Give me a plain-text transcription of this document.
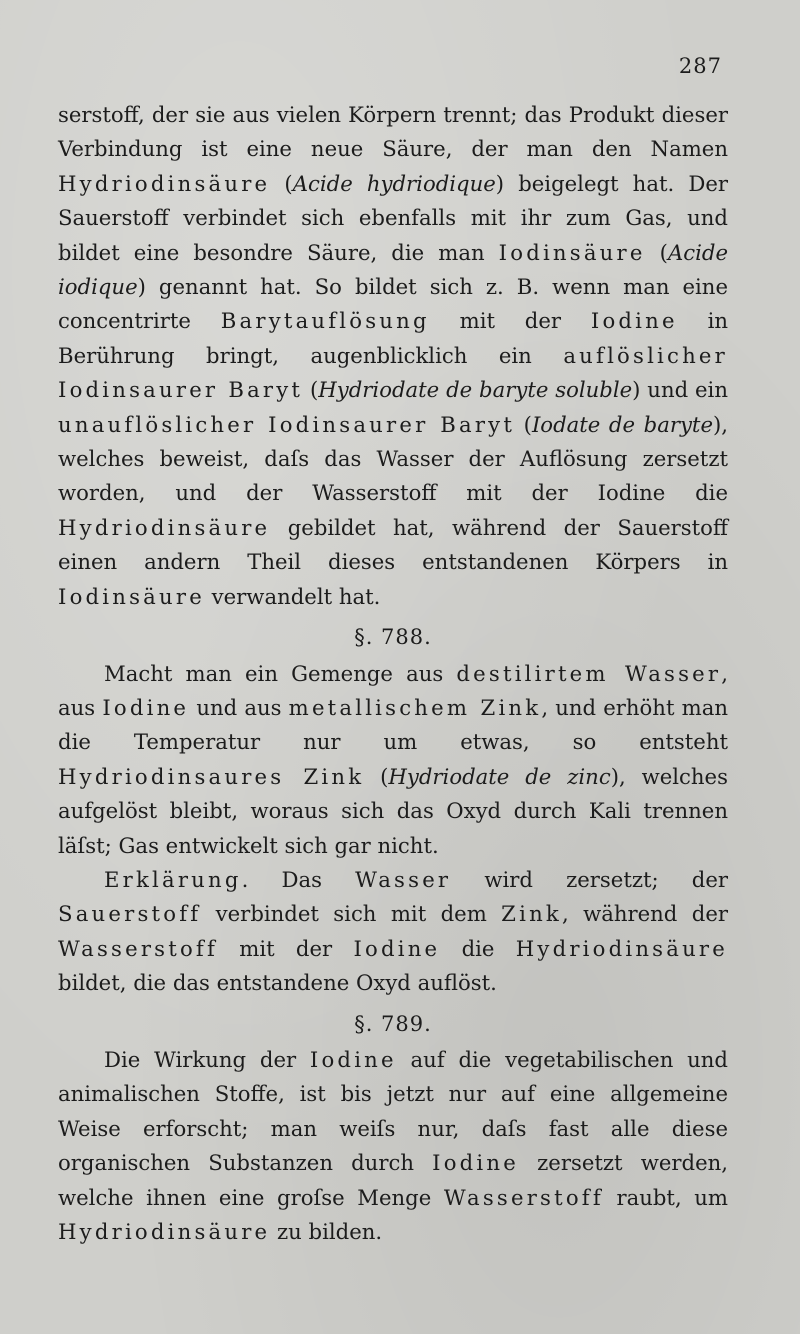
287

serstoff, der sie aus vielen Körpern trennt; das Produkt dieser Verbindung ist eine neue Säure, der man den Namen Hydriodinsäure (Acide hydriodique) beigelegt hat. Der Sauerstoff verbindet sich ebenfalls mit ihr zum Gas, und bildet eine besondre Säure, die man Iodinsäure (Acide iodique) genannt hat. So bildet sich z. B. wenn man eine concentrirte Barytauflösung mit der Iodine in Berührung bringt, augenblicklich ein auflöslicher Iodinsaurer Baryt (Hydriodate de baryte soluble) und ein unauflöslicher Iodinsaurer Baryt (Iodate de baryte), welches beweist, daſs das Wasser der Auflösung zersetzt worden, und der Wasserstoff mit der Iodine die Hydriodinsäure gebildet hat, während der Sauerstoff einen andern Theil dieses entstandenen Körpers in Iodinsäure verwandelt hat.

§. 788.

Macht man ein Gemenge aus destilirtem Wasser, aus Iodine und aus metallischem Zink, und erhöht man die Temperatur nur um etwas, so entsteht Hydriodinsaures Zink (Hydriodate de zinc), welches aufgelöst bleibt, woraus sich das Oxyd durch Kali trennen läſst; Gas entwickelt sich gar nicht.

Erklärung. Das Wasser wird zersetzt; der Sauerstoff verbindet sich mit dem Zink, während der Wasserstoff mit der Iodine die Hydriodinsäure bildet, die das entstandene Oxyd auflöst.

§. 789.

Die Wirkung der Iodine auf die vegetabilischen und animalischen Stoffe, ist bis jetzt nur auf eine allgemeine Weise erforscht; man weiſs nur, daſs fast alle diese organischen Substanzen durch Iodine zersetzt werden, welche ihnen eine groſse Menge Wasserstoff raubt, um Hydriodinsäure zu bilden.
